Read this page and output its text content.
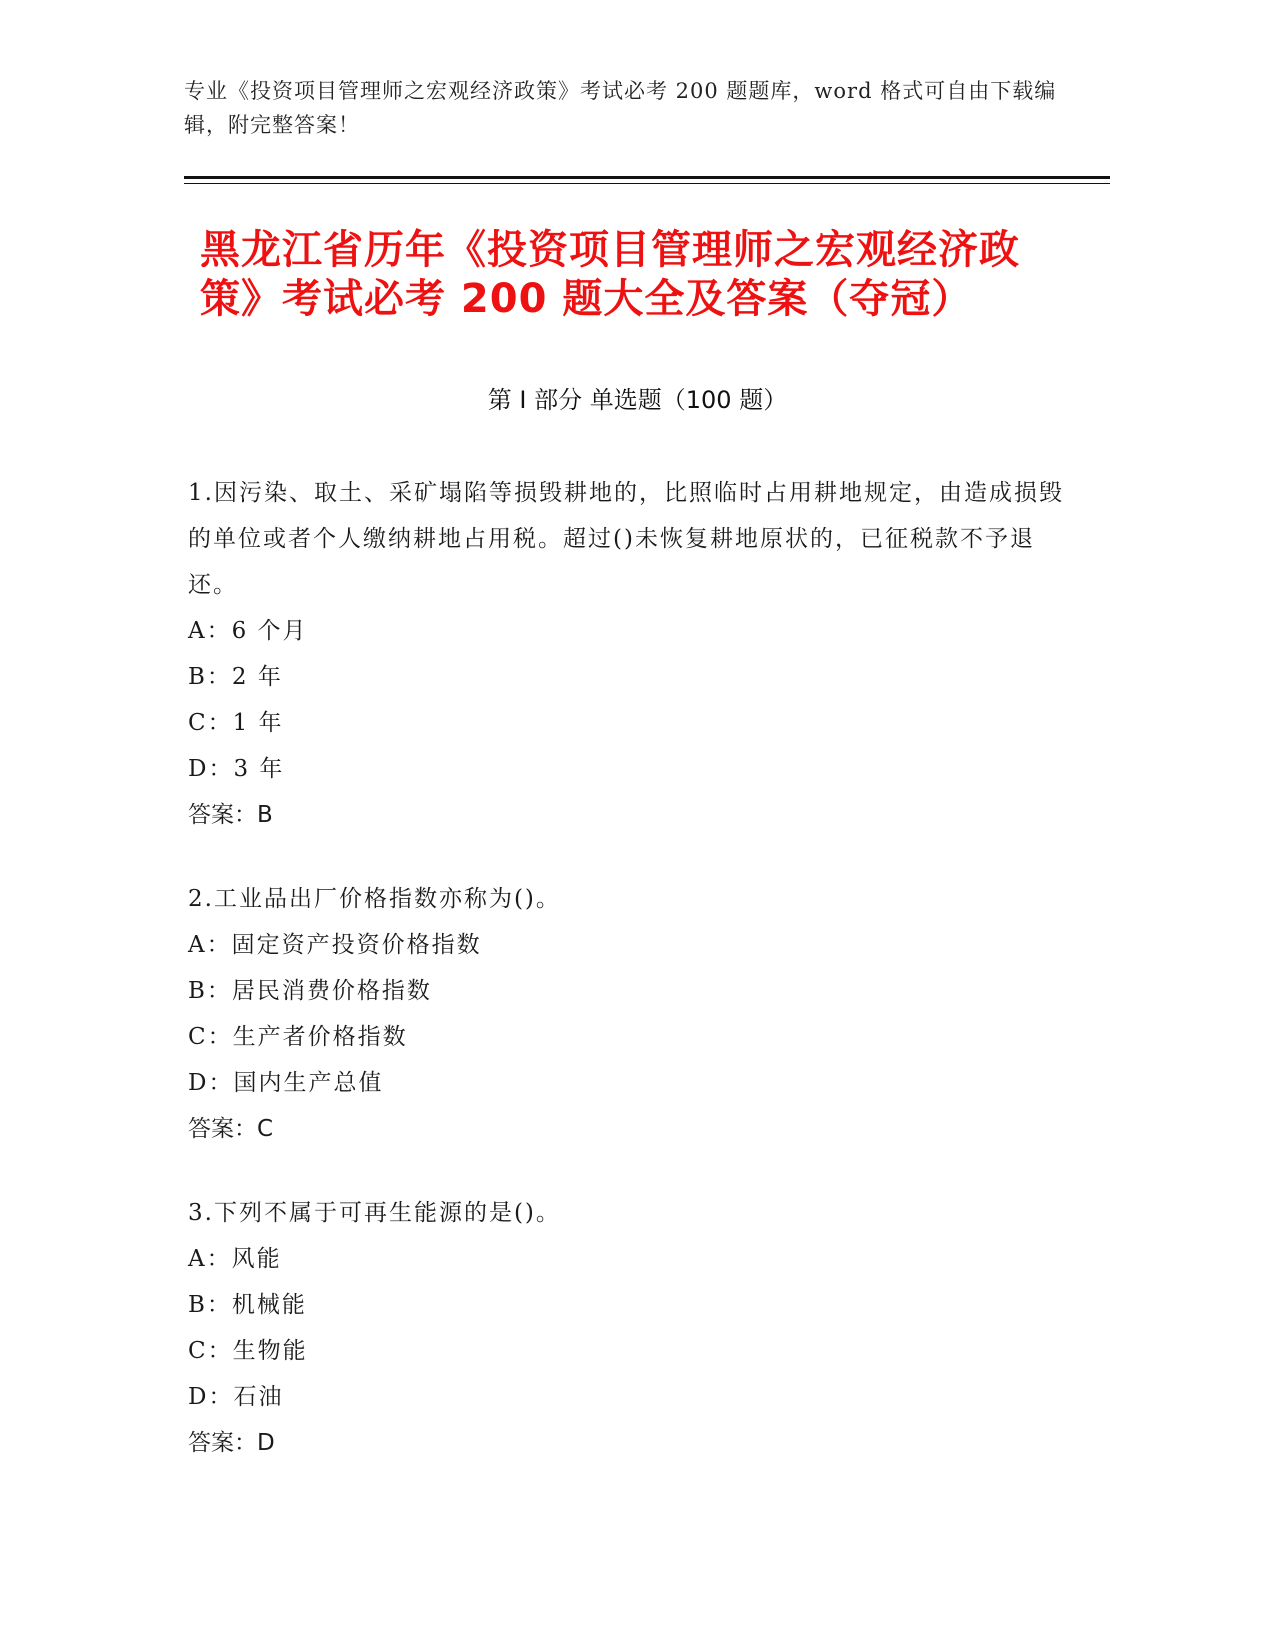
专业《投资项目管理师之宏观经济政策》考试必考 200 题题库，word 格式可自由下载编辑，附完整答案！
黑龙江省历年《投资项目管理师之宏观经济政策》考试必考 200 题大全及答案（夺冠）
第 I 部分 单选题（100 题）

1.因污染、取土、采矿塌陷等损毁耕地的，比照临时占用耕地规定，由造成损毁的单位或者个人缴纳耕地占用税。超过()未恢复耕地原状的，已征税款不予退还。

A：6 个月

B：2 年

C：1 年

D：3 年

答案：B

2.工业品出厂价格指数亦称为()。

A：固定资产投资价格指数

B：居民消费价格指数

C：生产者价格指数

D：国内生产总值

答案：C

3.下列不属于可再生能源的是()。

A：风能

B：机械能

C：生物能

D：石油

答案：D
